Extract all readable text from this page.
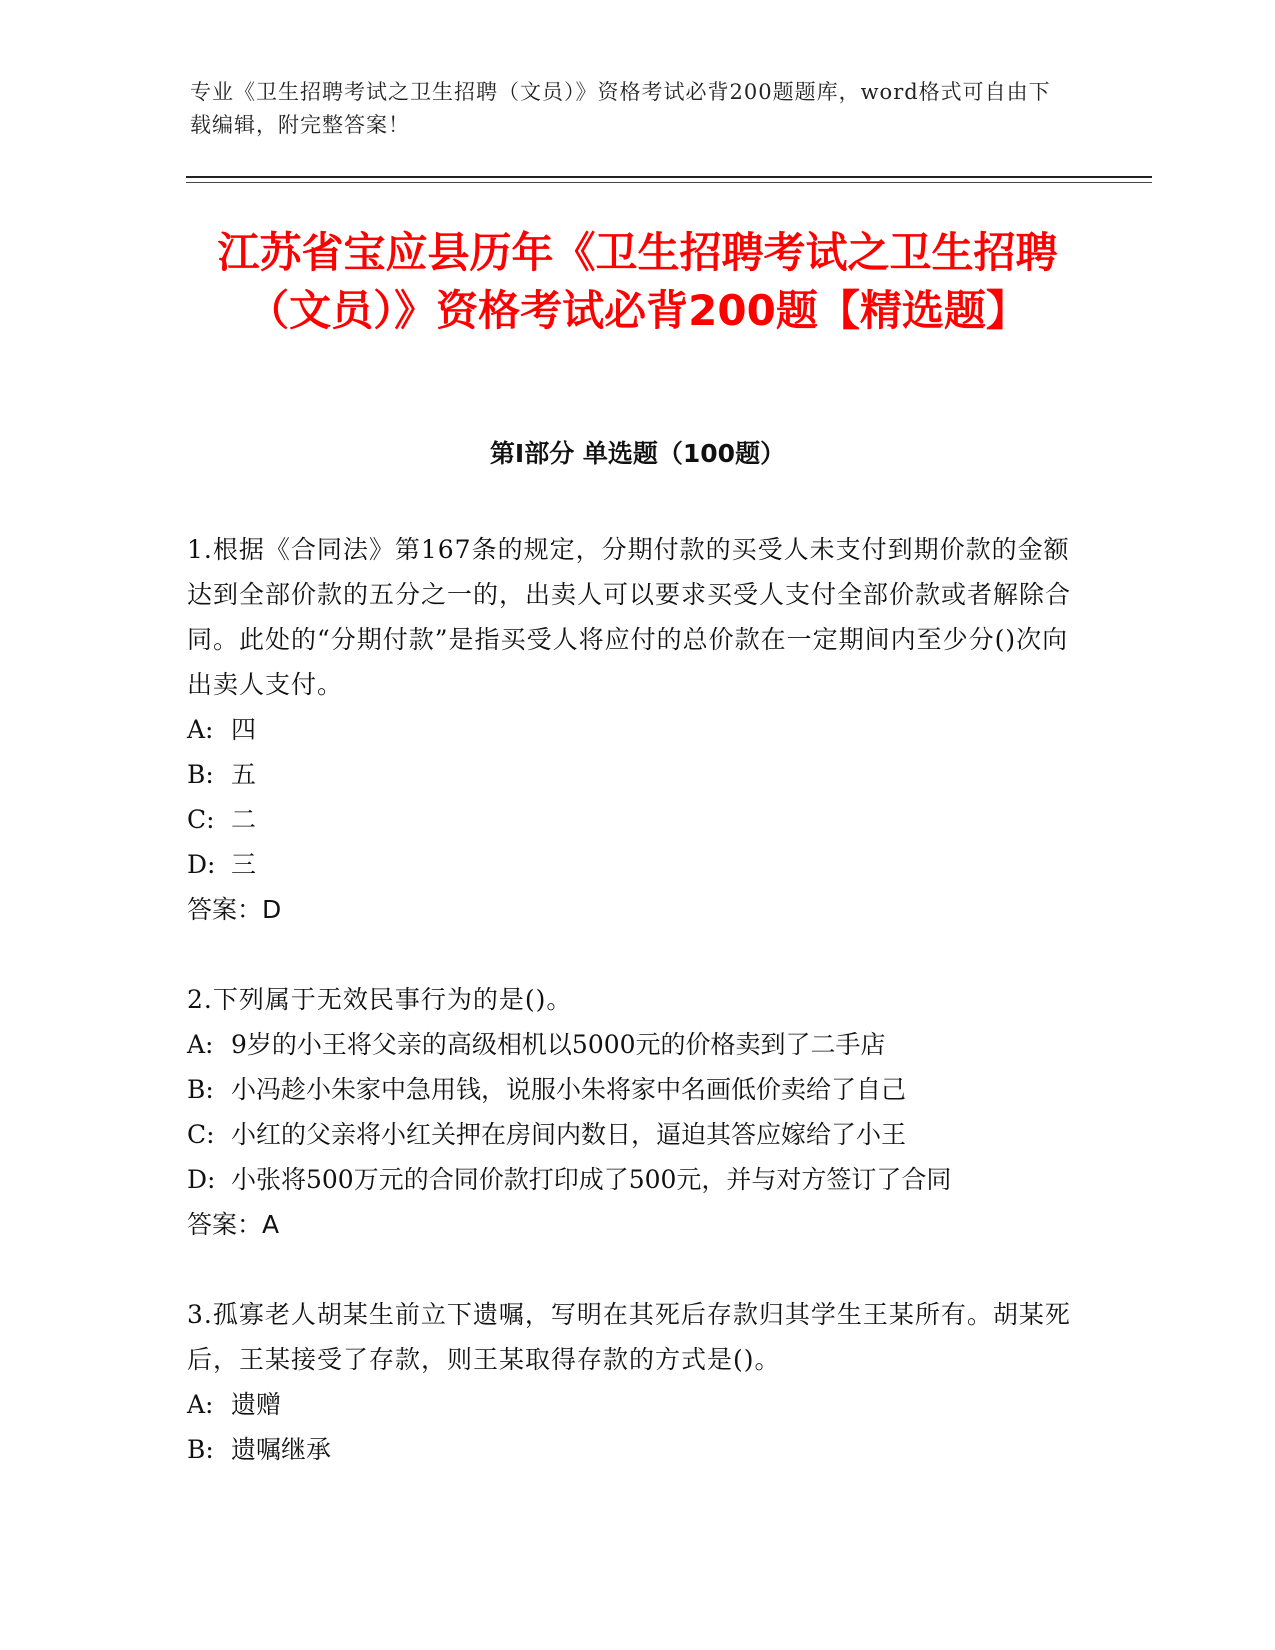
专业《卫生招聘考试之卫生招聘（文员）》资格考试必背200题题库，word格式可自由下载编辑，附完整答案！
江苏省宝应县历年《卫生招聘考试之卫生招聘（文员）》资格考试必背200题【精选题】
第Ⅰ部分 单选题（100题）

1.根据《合同法》第167条的规定，分期付款的买受人未支付到期价款的金额达到全部价款的五分之一的，出卖人可以要求买受人支付全部价款或者解除合同。此处的“分期付款”是指买受人将应付的总价款在一定期间内至少分()次向出卖人支付。

A: 四

B: 五

C: 二

D: 三

答案：D

2.下列属于无效民事行为的是()。

A: 9岁的小王将父亲的高级相机以5000元的价格卖到了二手店

B: 小冯趁小朱家中急用钱，说服小朱将家中名画低价卖给了自己

C: 小红的父亲将小红关押在房间内数日，逼迫其答应嫁给了小王

D: 小张将500万元的合同价款打印成了500元，并与对方签订了合同

答案：A

3.孤寡老人胡某生前立下遗嘱，写明在其死后存款归其学生王某所有。胡某死后，王某接受了存款，则王某取得存款的方式是()。

A: 遗赠

B: 遗嘱继承
